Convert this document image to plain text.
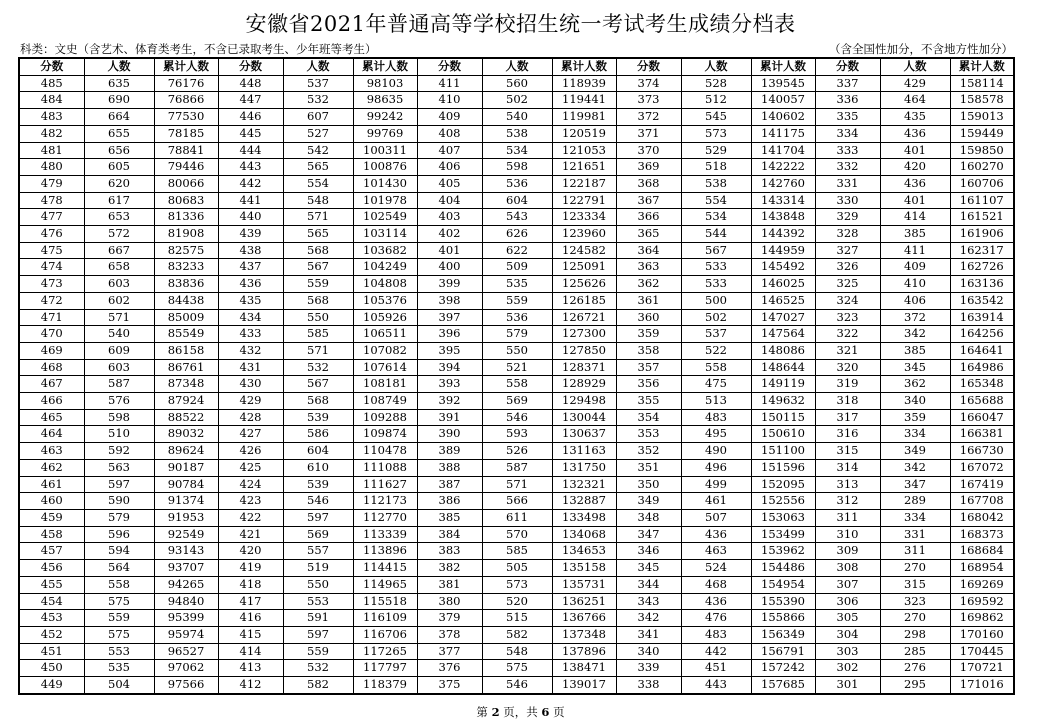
安徽省2021年普通高等学校招生统一考试考生成绩分档表
科类：文史（含艺术、体育类考生，不含已录取考生、少年班等考生）	（含全国性加分，不含地方性加分）
分数	人数	累计人数	分数	人数	累计人数	分数	人数	累计人数	分数	人数	累计人数	分数	人数	累计人数
485	635	76176	448	537	98103	411	560	118939	374	528	139545	337	429	158114
484	690	76866	447	532	98635	410	502	119441	373	512	140057	336	464	158578
483	664	77530	446	607	99242	409	540	119981	372	545	140602	335	435	159013
482	655	78185	445	527	99769	408	538	120519	371	573	141175	334	436	159449
481	656	78841	444	542	100311	407	534	121053	370	529	141704	333	401	159850
480	605	79446	443	565	100876	406	598	121651	369	518	142222	332	420	160270
479	620	80066	442	554	101430	405	536	122187	368	538	142760	331	436	160706
478	617	80683	441	548	101978	404	604	122791	367	554	143314	330	401	161107
477	653	81336	440	571	102549	403	543	123334	366	534	143848	329	414	161521
476	572	81908	439	565	103114	402	626	123960	365	544	144392	328	385	161906
475	667	82575	438	568	103682	401	622	124582	364	567	144959	327	411	162317
474	658	83233	437	567	104249	400	509	125091	363	533	145492	326	409	162726
473	603	83836	436	559	104808	399	535	125626	362	533	146025	325	410	163136
472	602	84438	435	568	105376	398	559	126185	361	500	146525	324	406	163542
471	571	85009	434	550	105926	397	536	126721	360	502	147027	323	372	163914
470	540	85549	433	585	106511	396	579	127300	359	537	147564	322	342	164256
469	609	86158	432	571	107082	395	550	127850	358	522	148086	321	385	164641
468	603	86761	431	532	107614	394	521	128371	357	558	148644	320	345	164986
467	587	87348	430	567	108181	393	558	128929	356	475	149119	319	362	165348
466	576	87924	429	568	108749	392	569	129498	355	513	149632	318	340	165688
465	598	88522	428	539	109288	391	546	130044	354	483	150115	317	359	166047
464	510	89032	427	586	109874	390	593	130637	353	495	150610	316	334	166381
463	592	89624	426	604	110478	389	526	131163	352	490	151100	315	349	166730
462	563	90187	425	610	111088	388	587	131750	351	496	151596	314	342	167072
461	597	90784	424	539	111627	387	571	132321	350	499	152095	313	347	167419
460	590	91374	423	546	112173	386	566	132887	349	461	152556	312	289	167708
459	579	91953	422	597	112770	385	611	133498	348	507	153063	311	334	168042
458	596	92549	421	569	113339	384	570	134068	347	436	153499	310	331	168373
457	594	93143	420	557	113896	383	585	134653	346	463	153962	309	311	168684
456	564	93707	419	519	114415	382	505	135158	345	524	154486	308	270	168954
455	558	94265	418	550	114965	381	573	135731	344	468	154954	307	315	169269
454	575	94840	417	553	115518	380	520	136251	343	436	155390	306	323	169592
453	559	95399	416	591	116109	379	515	136766	342	476	155866	305	270	169862
452	575	95974	415	597	116706	378	582	137348	341	483	156349	304	298	170160
451	553	96527	414	559	117265	377	548	137896	340	442	156791	303	285	170445
450	535	97062	413	532	117797	376	575	138471	339	451	157242	302	276	170721
449	504	97566	412	582	118379	375	546	139017	338	443	157685	301	295	171016
第 2 页，共 6 页
